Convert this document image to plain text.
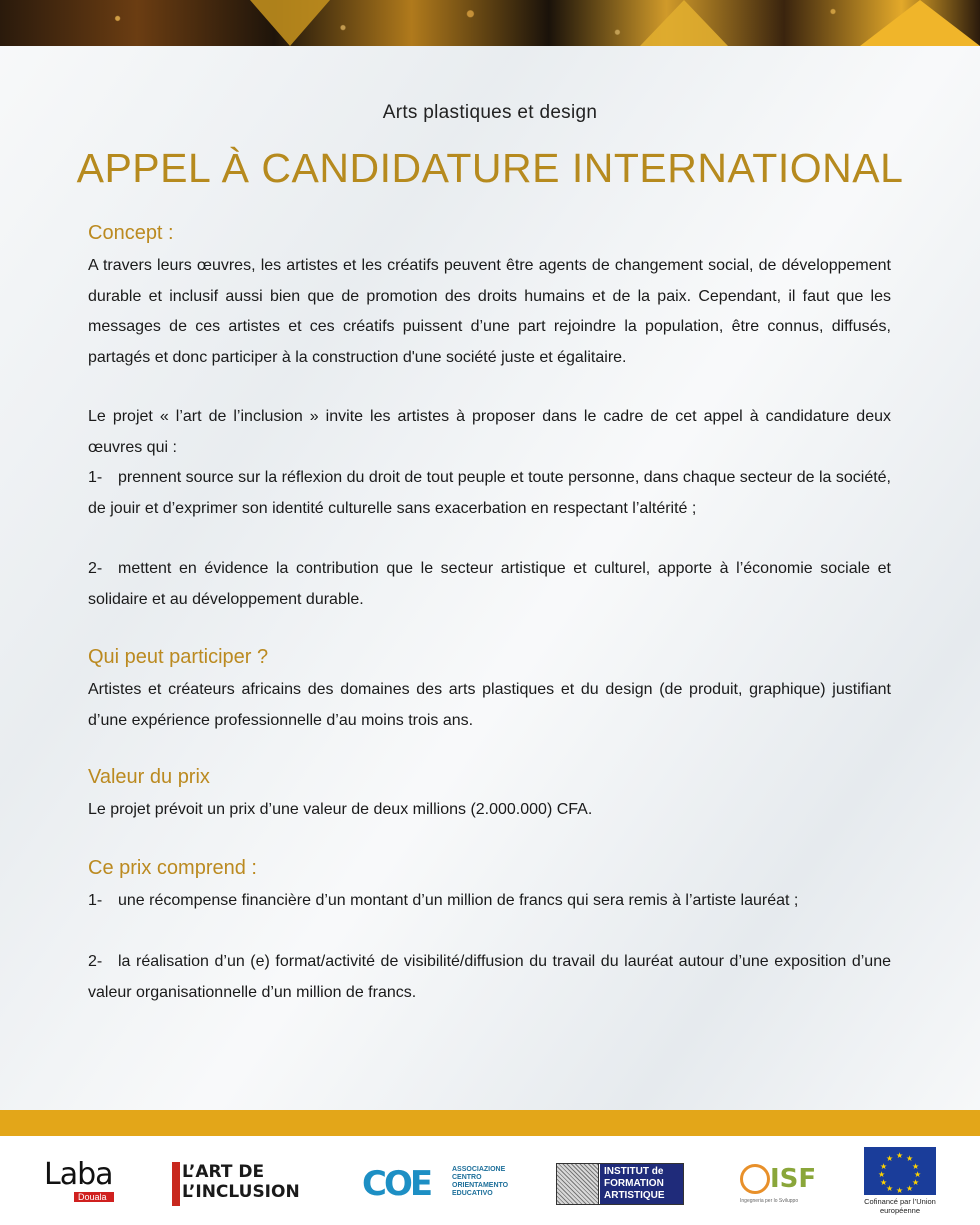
Arts plastiques et design
APPEL À CANDIDATURE INTERNATIONAL
Concept :

A travers leurs œuvres, les artistes et les créatifs peuvent être agents de changement social, de développement durable et inclusif aussi bien que de promotion des droits humains et de la paix. Cependant, il faut que les messages de ces artistes et ces créatifs puissent d’une part rejoindre la population, être connus, diffusés, partagés et donc participer à la construction d'une société juste et égalitaire.

Le projet « l’art de l’inclusion » invite les artistes à proposer dans le cadre de cet appel à candidature deux œuvres qui :

1- prennent source sur la réflexion du droit de tout peuple et toute personne, dans chaque secteur de la société, de jouir et d’exprimer son identité culturelle sans exacerbation en respectant l’altérité ;
2- mettent en évidence la contribution que le secteur artistique et culturel, apporte à l’économie sociale et solidaire et au développement durable.
Qui peut participer ?

Artistes et créateurs africains des domaines des arts plastiques et du design (de produit, graphique) justifiant d’une expérience professionnelle d’au moins trois ans.

Valeur du prix

Le projet prévoit un prix d’une valeur de deux millions (2.000.000) CFA.

Ce prix comprend :
1- une récompense financière d’un montant d’un million de francs qui sera remis à l’artiste lauréat ;
2- la réalisation d’un (e) format/activité de visibilité/diffusion du travail du lauréat autour d’une exposition d’une valeur organisationnelle d’un million de francs.
Laba
Douala
L’ART DE
L’INCLUSION COE	ASSOCIAZIONE CENTRO ORIENTAMENTO EDUCATIVO
INSTITUT de FORMATION ARTISTIQUE
ISF
Ingegneria per lo Sviluppo
★ ★
★
★
★
★
★
★
★
★
★
★
Cofinancé par l’Union européenne
